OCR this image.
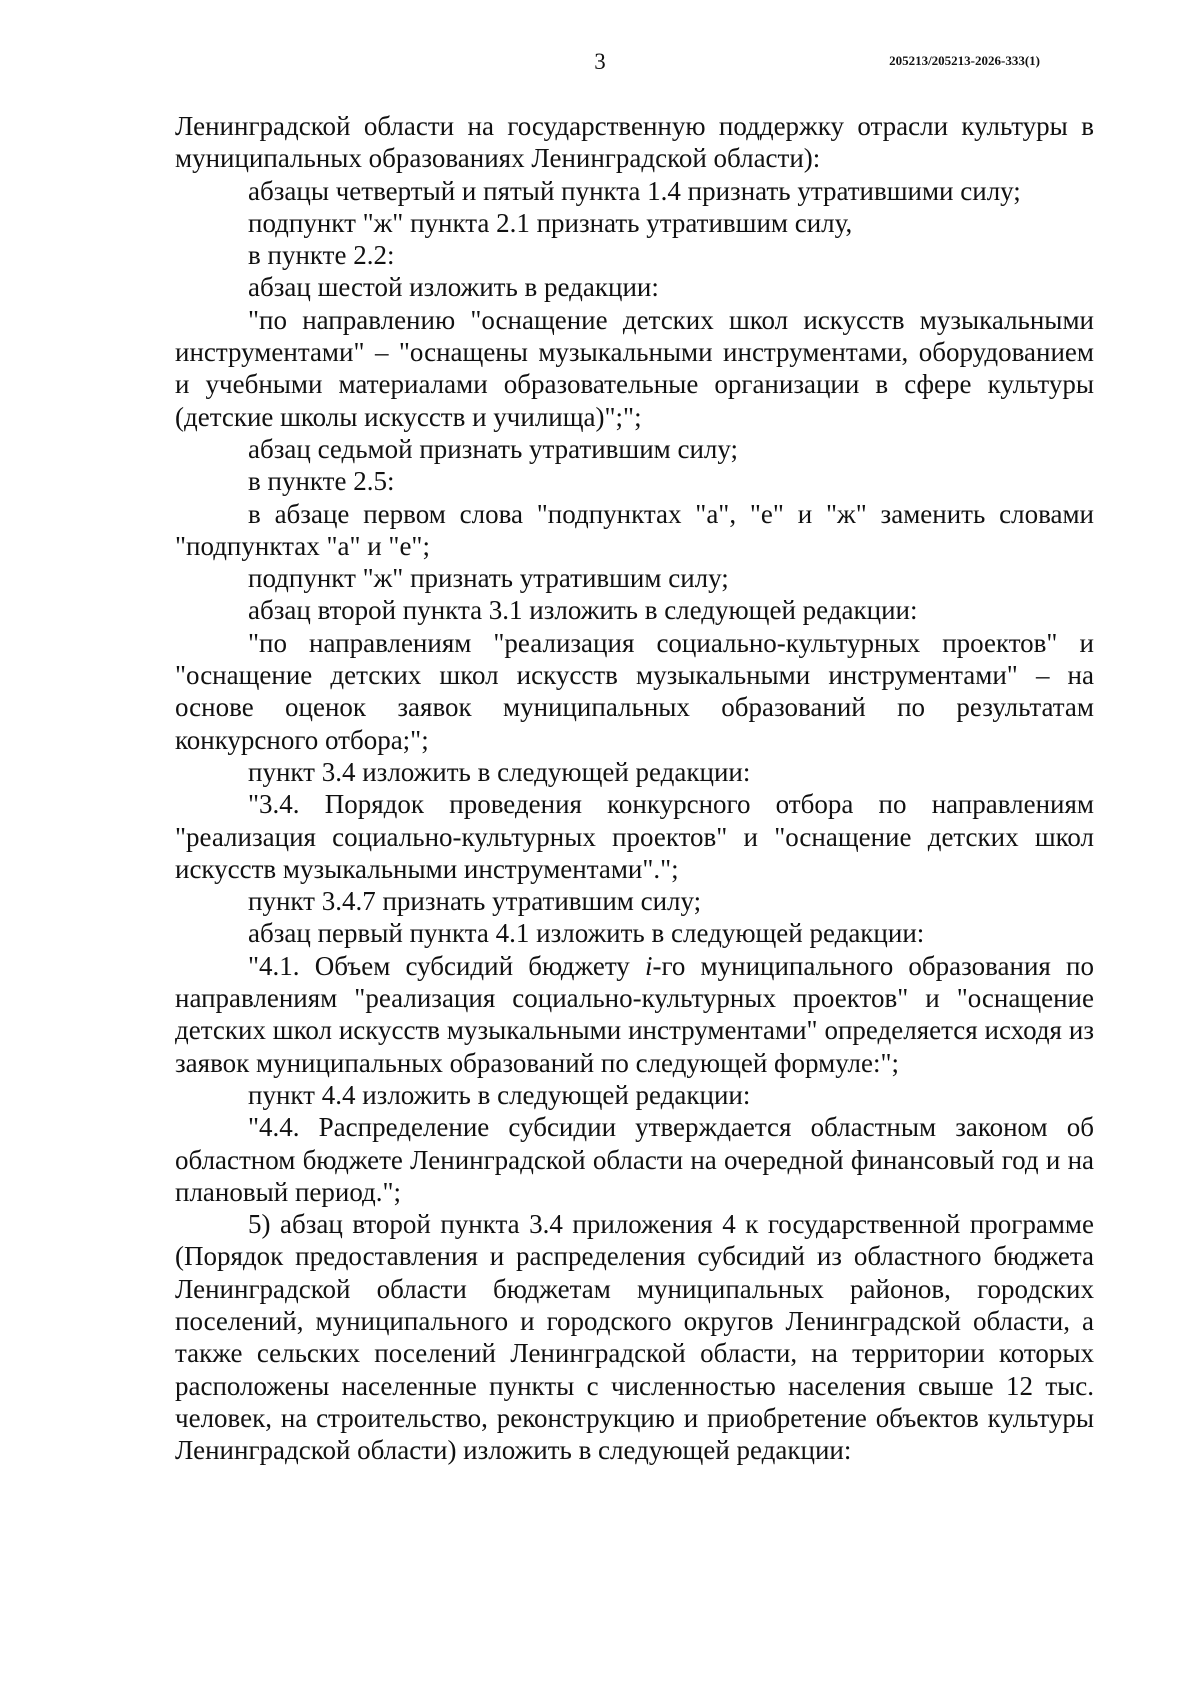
3	205213/205213-2026-333(1)

Ленинградской области на государственную поддержку отрасли культуры в муниципальных образованиях Ленинградской области):

абзацы четвертый и пятый пункта 1.4 признать утратившими силу;

подпункт "ж" пункта 2.1 признать утратившим силу,

в пункте 2.2:

абзац шестой изложить в редакции:

"по направлению "оснащение детских школ искусств музыкальными инструментами" – "оснащены музыкальными инструментами, оборудованием и учебными материалами образовательные организации в сфере культуры (детские школы искусств и училища)";";

абзац седьмой признать утратившим силу;

в пункте 2.5:

в абзаце первом слова "подпунктах "а", "е" и "ж" заменить словами "подпунктах "а" и "е";

подпункт "ж" признать утратившим силу;

абзац второй пункта 3.1 изложить в следующей редакции:

"по направлениям "реализация социально-культурных проектов" и "оснащение детских школ искусств музыкальными инструментами" – на основе оценок заявок муниципальных образований по результатам конкурсного отбора;";

пункт 3.4 изложить в следующей редакции:

"3.4. Порядок проведения конкурсного отбора по направлениям "реализация социально-культурных проектов" и "оснащение детских школ искусств музыкальными инструментами".";

пункт 3.4.7 признать утратившим силу;

абзац первый пункта 4.1 изложить в следующей редакции:

"4.1. Объем субсидий бюджету i-го муниципального образования по направлениям "реализация социально-культурных проектов" и "оснащение детских школ искусств музыкальными инструментами" определяется исходя из заявок муниципальных образований по следующей формуле:";

пункт 4.4 изложить в следующей редакции:

"4.4. Распределение субсидии утверждается областным законом об областном бюджете Ленинградской области на очередной финансовый год и на плановый период.";

5) абзац второй пункта 3.4 приложения 4 к государственной программе (Порядок предоставления и распределения субсидий из областного бюджета Ленинградской области бюджетам муниципальных районов, городских поселений, муниципального и городского округов Ленинградской области, а также сельских поселений Ленинградской области, на территории которых расположены населенные пункты с численностью населения свыше 12 тыс. человек, на строительство, реконструкцию и приобретение объектов культуры Ленинградской области) изложить в следующей редакции:
